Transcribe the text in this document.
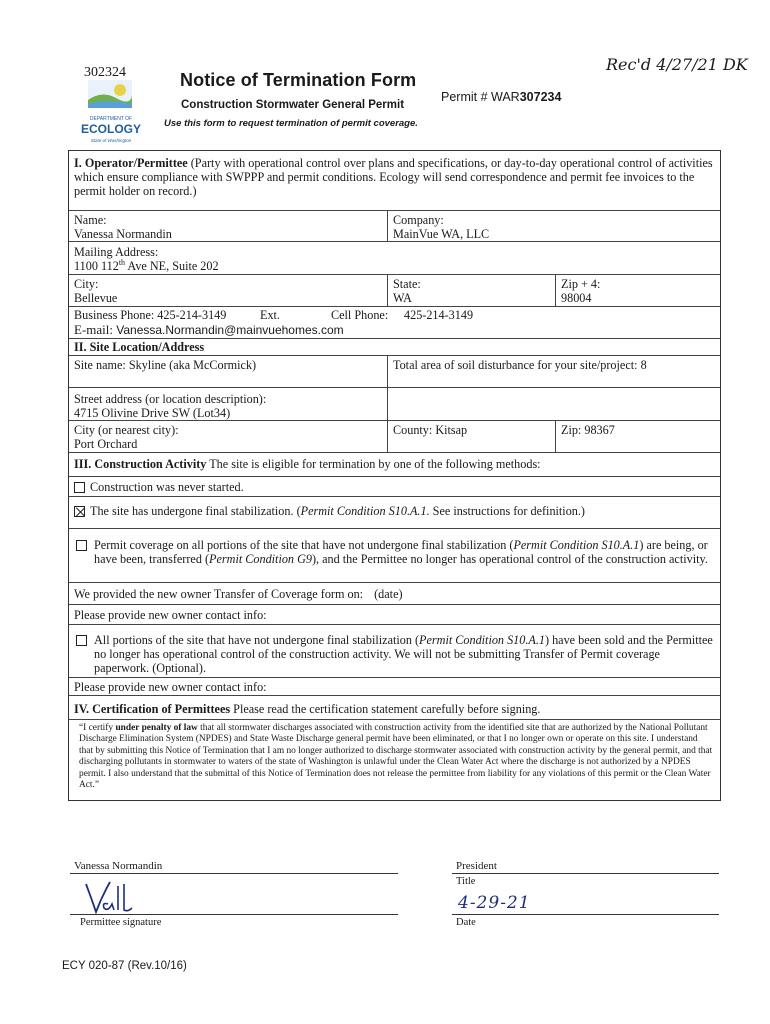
302324	Rec'd 4/27/21 DK
DEPARTMENT OF
ECOLOGY
State of Washington
Notice of Termination Form
Construction Stormwater General Permit
Permit # WAR307234
Use this form to request termination of permit coverage.
I. Operator/Permittee (Party with operational control over plans and specifications, or day-to-day operational control of activities which ensure compliance with SWPPP and permit conditions. Ecology will send correspondence and permit fee invoices to the permit holder on record.)
Name:
Vanessa Normandin
Company:
MainVue WA, LLC
Mailing Address:
1100 112th Ave NE, Suite 202
City:
Bellevue
State:
WA
Zip + 4:
98004
Business Phone: 425-214-3149	Ext.	Cell Phone: 425-214-3149
E-mail: Vanessa.Normandin@mainvuehomes.com
II. Site Location/Address
Site name: Skyline (aka McCormick)	Total area of soil disturbance for your site/project: 8
Street address (or location description):
4715 Olivine Drive SW (Lot34)
City (or nearest city):
Port Orchard
County: Kitsap	Zip: 98367
III. Construction Activity The site is eligible for termination by one of the following methods:
Construction was never started.
The site has undergone final stabilization. (Permit Condition S10.A.1. See instructions for definition.)
Permit coverage on all portions of the site that have not undergone final stabilization (Permit Condition S10.A.1) are being, or have been, transferred (Permit Condition G9), and the Permittee no longer has operational control of the construction activity.
We provided the new owner Transfer of Coverage form on: (date)
Please provide new owner contact info:
All portions of the site that have not undergone final stabilization (Permit Condition S10.A.1) have been sold and the Permittee no longer has operational control of the construction activity. We will not be submitting Transfer of Permit coverage paperwork. (Optional).
Please provide new owner contact info:
IV. Certification of Permittees Please read the certification statement carefully before signing.
“I certify under penalty of law that all stormwater discharges associated with construction activity from the identified site that are authorized by the National Pollutant Discharge Elimination System (NPDES) and State Waste Discharge general permit have been eliminated, or that I no longer own or operate on this site. I understand that by submitting this Notice of Termination that I am no longer authorized to discharge stormwater associated with construction activity by the general permit, and that discharging pollutants in stormwater to waters of the state of Washington is unlawful under the Clean Water Act where the discharge is not authorized by a NPDES permit. I also understand that the submittal of this Notice of Termination does not release the permittee from liability for any violations of this permit or the Clean Water Act.”
Vanessa Normandin	President
Title
Permittee signature
4-29-21
Date
ECY 020-87 (Rev.10/16)
